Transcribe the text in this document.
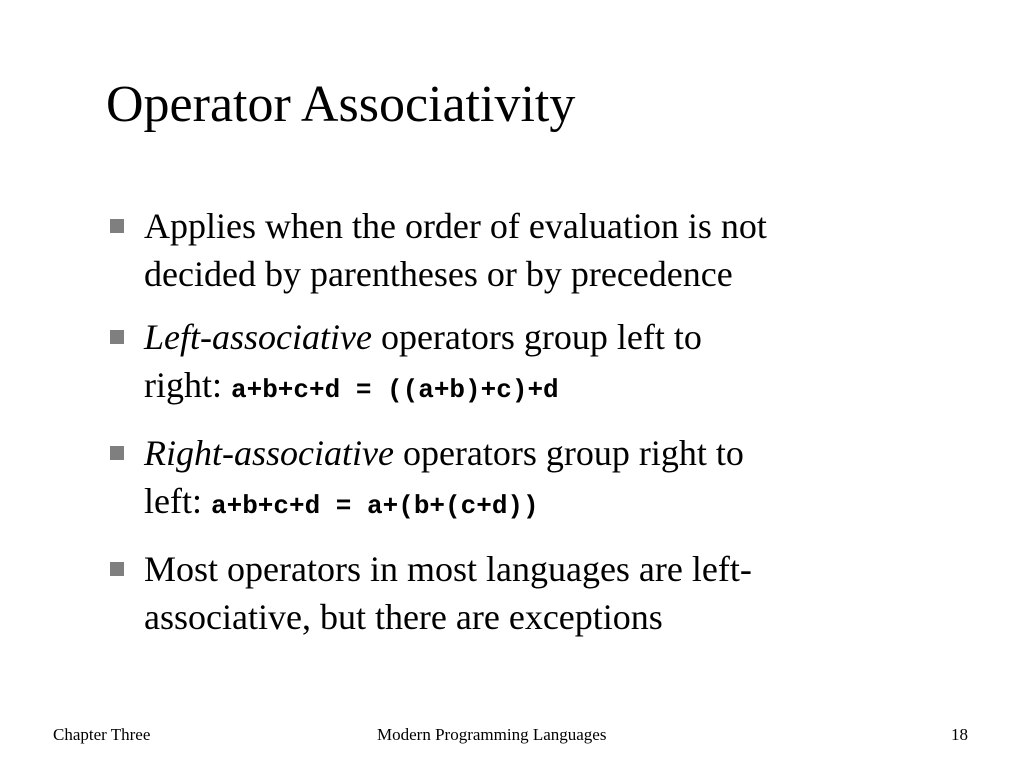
Operator Associativity
Applies when the order of evaluation is not
decided by parentheses or by precedence
Left-associative operators group left to
right: a+b+c+d = ((a+b)+c)+d
Right-associative operators group right to
left: a+b+c+d = a+(b+(c+d))
Most operators in most languages are left-
associative, but there are exceptions
Chapter Three	Modern Programming Languages	18
